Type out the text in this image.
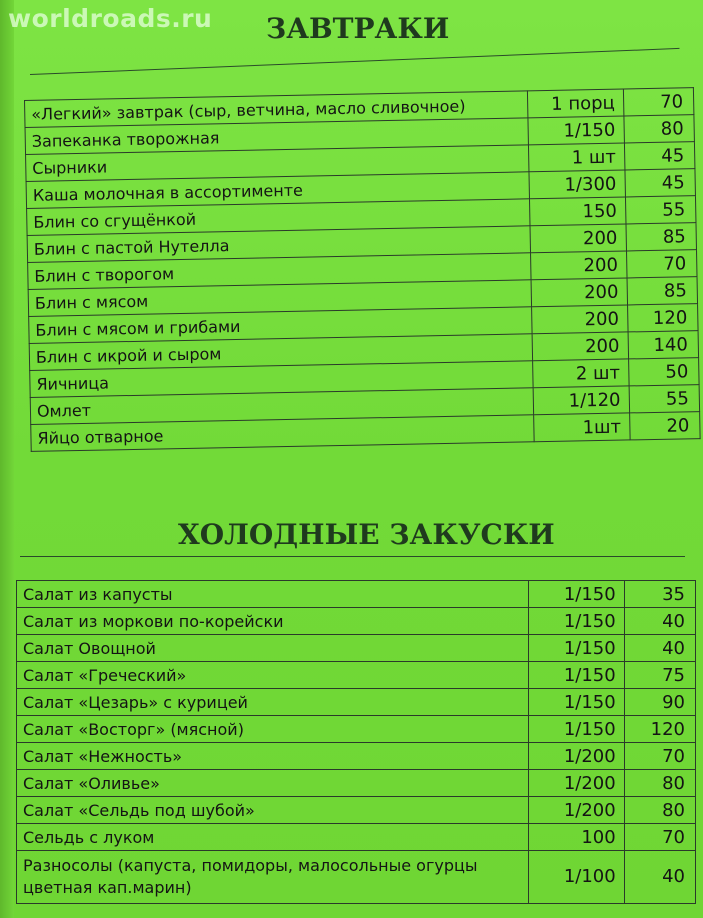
worldroads.ru ЗАВТРАКИ
«Легкий» завтрак (сыр, ветчина, масло сливочное)	1 порц	70
Запеканка творожная	1/150	80
Сырники	1 шт	45
Каша молочная в ассортименте	1/300	45
Блин со сгущёнкой	150	55
Блин с пастой Нутелла	200	85
Блин с творогом	200	70
Блин с мясом	200	85
Блин с мясом и грибами	200	120
Блин с икрой и сыром	200	140
Яичница	2 шт	50
Омлет	1/120	55
Яйцо отварное	1шт	20
ХОЛОДНЫЕ ЗАКУСКИ
Салат из капусты	1/150	35
Салат из моркови по-корейски	1/150	40
Салат Овощной	1/150	40
Салат «Греческий»	1/150	75
Салат «Цезарь» с курицей	1/150	90
Салат «Восторг» (мясной)	1/150	120
Салат «Нежность»	1/200	70
Салат «Оливье»	1/200	80
Салат «Сельдь под шубой»	1/200	80
Сельдь с луком	100	70
Разносолы (капуста, помидоры, малосольные огурцы цветная кап.марин)	1/100	40
